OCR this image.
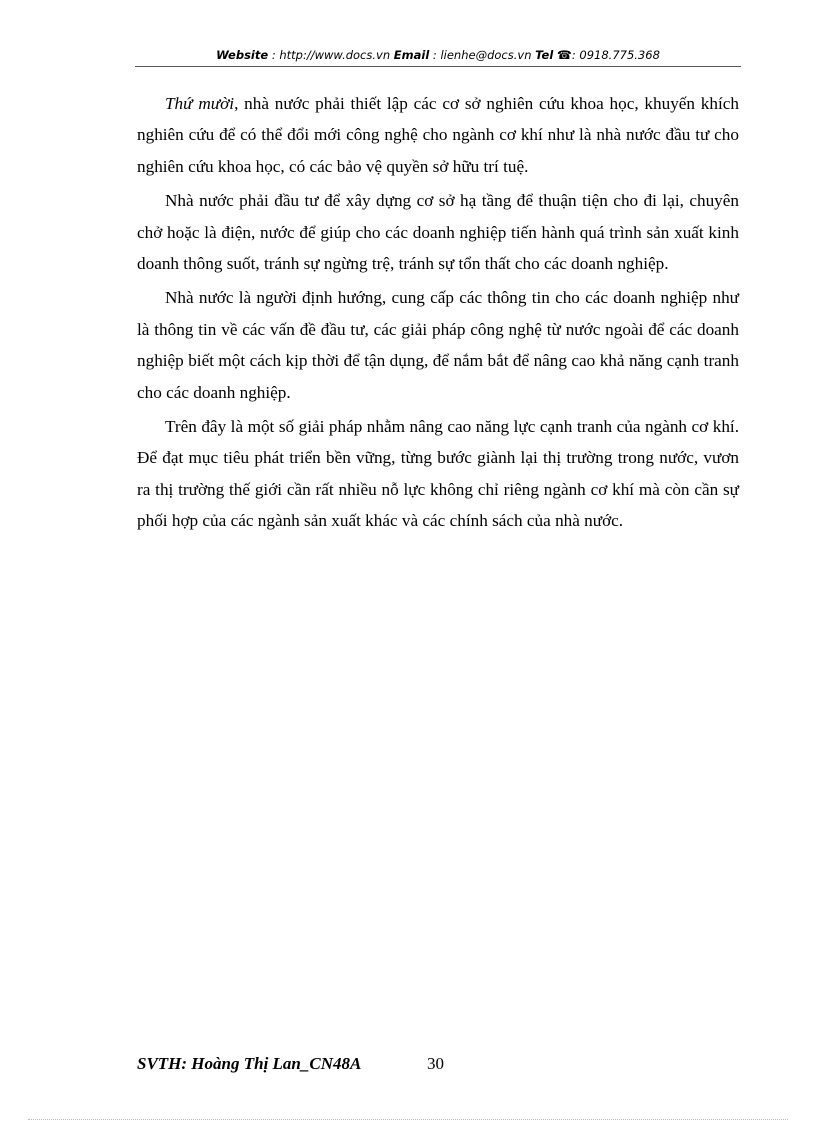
Website : http://www.docs.vn Email : lienhe@docs.vn Tel ☎: 0918.775.368

Thứ mười, nhà nước phải thiết lập các cơ sở nghiên cứu khoa học, khuyến khích nghiên cứu để có thể đổi mới công nghệ cho ngành cơ khí như là nhà nước đầu tư cho nghiên cứu khoa học, có các bảo vệ quyền sở hữu trí tuệ.

Nhà nước phải đầu tư để xây dựng cơ sở hạ tầng để thuận tiện cho đi lại, chuyên chở hoặc là điện, nước để giúp cho các doanh nghiệp tiến hành quá trình sản xuất kinh doanh thông suốt, tránh sự ngừng trệ, tránh sự tổn thất cho các doanh nghiệp.

Nhà nước là người định hướng, cung cấp các thông tin cho các doanh nghiệp như là thông tin về các vấn đề đầu tư, các giải pháp công nghệ từ nước ngoài để các doanh nghiệp biết một cách kịp thời để tận dụng, để nắm bắt để nâng cao khả năng cạnh tranh cho các doanh nghiệp.

Trên đây là một số giải pháp nhằm nâng cao năng lực cạnh tranh của ngành cơ khí. Để đạt mục tiêu phát triển bền vững, từng bước giành lại thị trường trong nước, vươn ra thị trường thế giới cần rất nhiều nỗ lực không chỉ riêng ngành cơ khí mà còn cần sự phối hợp của các ngành sản xuất khác và các chính sách của nhà nước.

SVTH: Hoàng Thị Lan_CN48A	30
